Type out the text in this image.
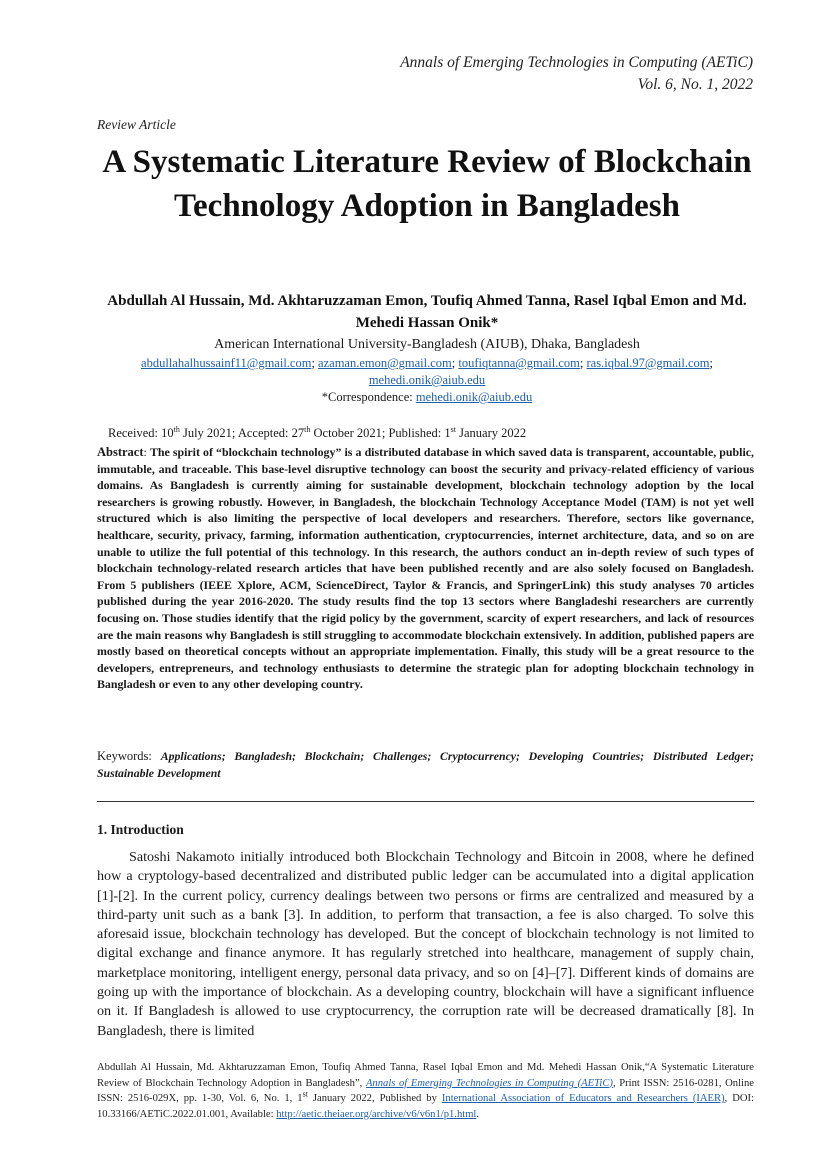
Annals of Emerging Technologies in Computing (AETiC)
Vol. 6, No. 1, 2022
Review Article
A Systematic Literature Review of Blockchain Technology Adoption in Bangladesh
Abdullah Al Hussain, Md. Akhtaruzzaman Emon, Toufiq Ahmed Tanna, Rasel Iqbal Emon and Md. Mehedi Hassan Onik*
American International University-Bangladesh (AIUB), Dhaka, Bangladesh
abdullahalhussainf11@gmail.com; azaman.emon@gmail.com; toufiqtanna@gmail.com; ras.iqbal.97@gmail.com;
mehedi.onik@aiub.edu
*Correspondence: mehedi.onik@aiub.edu
Received: 10th July 2021; Accepted: 27th October 2021; Published: 1st January 2022

Abstract: The spirit of “blockchain technology” is a distributed database in which saved data is transparent, accountable, public, immutable, and traceable. This base-level disruptive technology can boost the security and privacy-related efficiency of various domains. As Bangladesh is currently aiming for sustainable development, blockchain technology adoption by the local researchers is growing robustly. However, in Bangladesh, the blockchain Technology Acceptance Model (TAM) is not yet well structured which is also limiting the perspective of local developers and researchers. Therefore, sectors like governance, healthcare, security, privacy, farming, information authentication, cryptocurrencies, internet architecture, data, and so on are unable to utilize the full potential of this technology. In this research, the authors conduct an in-depth review of such types of blockchain technology-related research articles that have been published recently and are also solely focused on Bangladesh. From 5 publishers (IEEE Xplore, ACM, ScienceDirect, Taylor & Francis, and SpringerLink) this study analyses 70 articles published during the year 2016-2020. The study results find the top 13 sectors where Bangladeshi researchers are currently focusing on. Those studies identify that the rigid policy by the government, scarcity of expert researchers, and lack of resources are the main reasons why Bangladesh is still struggling to accommodate blockchain extensively. In addition, published papers are mostly based on theoretical concepts without an appropriate implementation. Finally, this study will be a great resource to the developers, entrepreneurs, and technology enthusiasts to determine the strategic plan for adopting blockchain technology in Bangladesh or even to any other developing country.

Keywords: Applications; Bangladesh; Blockchain; Challenges; Cryptocurrency; Developing Countries; Distributed Ledger; Sustainable Development

1. Introduction

Satoshi Nakamoto initially introduced both Blockchain Technology and Bitcoin in 2008, where he defined how a cryptology-based decentralized and distributed public ledger can be accumulated into a digital application [1]-[2]. In the current policy, currency dealings between two persons or firms are centralized and measured by a third-party unit such as a bank [3]. In addition, to perform that transaction, a fee is also charged. To solve this aforesaid issue, blockchain technology has developed. But the concept of blockchain technology is not limited to digital exchange and finance anymore. It has regularly stretched into healthcare, management of supply chain, marketplace monitoring, intelligent energy, personal data privacy, and so on [4]–[7]. Different kinds of domains are going up with the importance of blockchain. As a developing country, blockchain will have a significant influence on it. If Bangladesh is allowed to use cryptocurrency, the corruption rate will be decreased dramatically [8]. In Bangladesh, there is limited

Abdullah Al Hussain, Md. Akhtaruzzaman Emon, Toufiq Ahmed Tanna, Rasel Iqbal Emon and Md. Mehedi Hassan Onik,“A Systematic Literature Review of Blockchain Technology Adoption in Bangladesh”, Annals of Emerging Technologies in Computing (AETiC), Print ISSN: 2516-0281, Online ISSN: 2516-029X, pp. 1-30, Vol. 6, No. 1, 1st January 2022, Published by International Association of Educators and Researchers (IAER), DOI: 10.33166/AETiC.2022.01.001, Available: http://aetic.theiaer.org/archive/v6/v6n1/p1.html.
